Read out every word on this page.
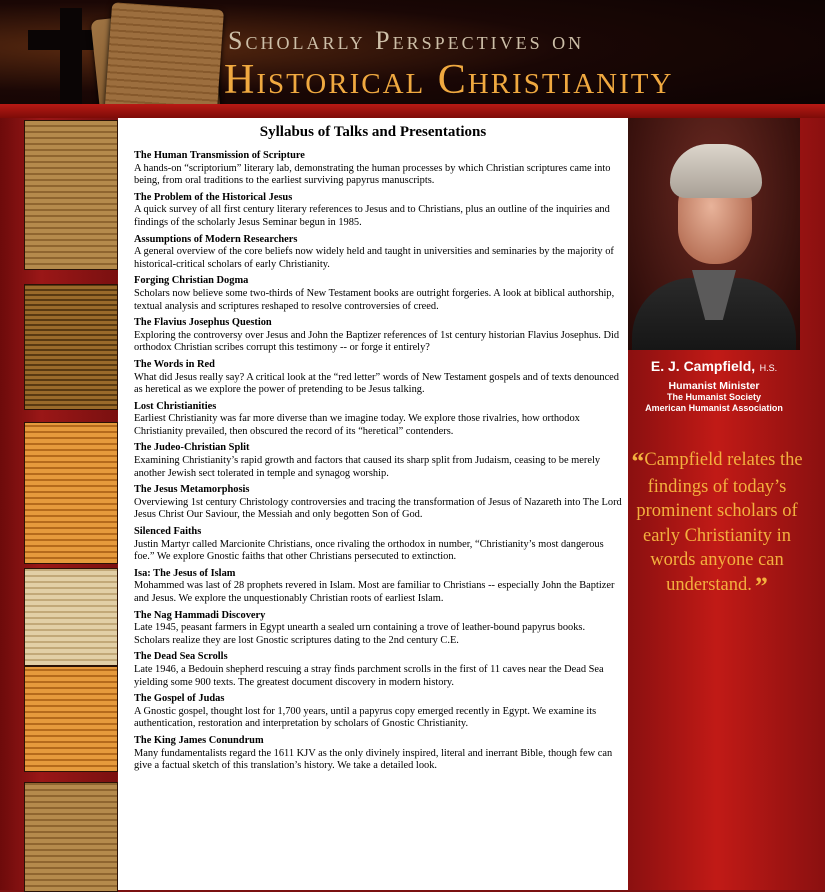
Scholarly Perspectives on
Historical Christianity
Syllabus of Talks and Presentations
The Human Transmission of Scripture
A hands-on “scriptorium” literary lab, demonstrating the human processes by which Christian scriptures came into being, from oral traditions to the earliest surviving papyrus manuscripts.
The Problem of the Historical Jesus
A quick survey of all first century literary references to Jesus and to Christians, plus an outline of the inquiries and findings of the scholarly Jesus Seminar begun in 1985.
Assumptions of Modern Researchers
A general overview of the core beliefs now widely held and taught in universities and seminaries by the majority of historical-critical scholars of early Christianity.
Forging Christian Dogma
Scholars now believe some two-thirds of New Testament books are outright forgeries. A look at biblical authorship, textual analysis and scriptures reshaped to resolve controversies of creed.
The Flavius Josephus Question
Exploring the controversy over Jesus and John the Baptizer references of 1st century historian Flavius Josephus. Did orthodox Christian scribes corrupt this testimony -- or forge it entirely?
The Words in Red
What did Jesus really say? A critical look at the “red letter” words of New Testament gospels and of texts denounced as heretical as we explore the power of pretending to be Jesus talking.
Lost Christianities
Earliest Christianity was far more diverse than we imagine today. We explore those rivalries, how orthodox Christianity prevailed, then obscured the record of its “heretical” contenders.
The Judeo-Christian Split
Examining Christianity’s rapid growth and factors that caused its sharp split from Judaism, ceasing to be merely another Jewish sect tolerated in temple and synagog worship.
The Jesus Metamorphosis
Overviewing 1st century Christology controversies and tracing the transformation of Jesus of Nazareth into The Lord Jesus Christ Our Saviour, the Messiah and only begotten Son of God.
Silenced Faiths
Justin Martyr called Marcionite Christians, once rivaling the orthodox in number, “Christianity’s most dangerous foe.” We explore Gnostic faiths that other Christians persecuted to extinction.
Isa: The Jesus of Islam
Mohammed was last of 28 prophets revered in Islam. Most are familiar to Christians -- especially John the Baptizer and Jesus. We explore the unquestionably Christian roots of earliest Islam.
The Nag Hammadi Discovery
Late 1945, peasant farmers in Egypt unearth a sealed urn containing a trove of leather-bound papyrus books. Scholars realize they are lost Gnostic scriptures dating to the 2nd century C.E.
The Dead Sea Scrolls
Late 1946, a Bedouin shepherd rescuing a stray finds parchment scrolls in the first of 11 caves near the Dead Sea yielding some 900 texts. The greatest document discovery in modern history.
The Gospel of Judas
A Gnostic gospel, thought lost for 1,700 years, until a papyrus copy emerged recently in Egypt. We examine its authentication, restoration and interpretation by scholars of Gnostic Christianity.
The King James Conundrum
Many fundamentalists regard the 1611 KJV as the only divinely inspired, literal and inerrant Bible, though few can give a factual sketch of this translation’s history. We take a detailed look.
E. J. Campfield, H.S.
Humanist Minister
The Humanist Society
American Humanist Association
“Campfield relates the findings of today’s prominent scholars of early Christianity in words anyone can understand. ”
